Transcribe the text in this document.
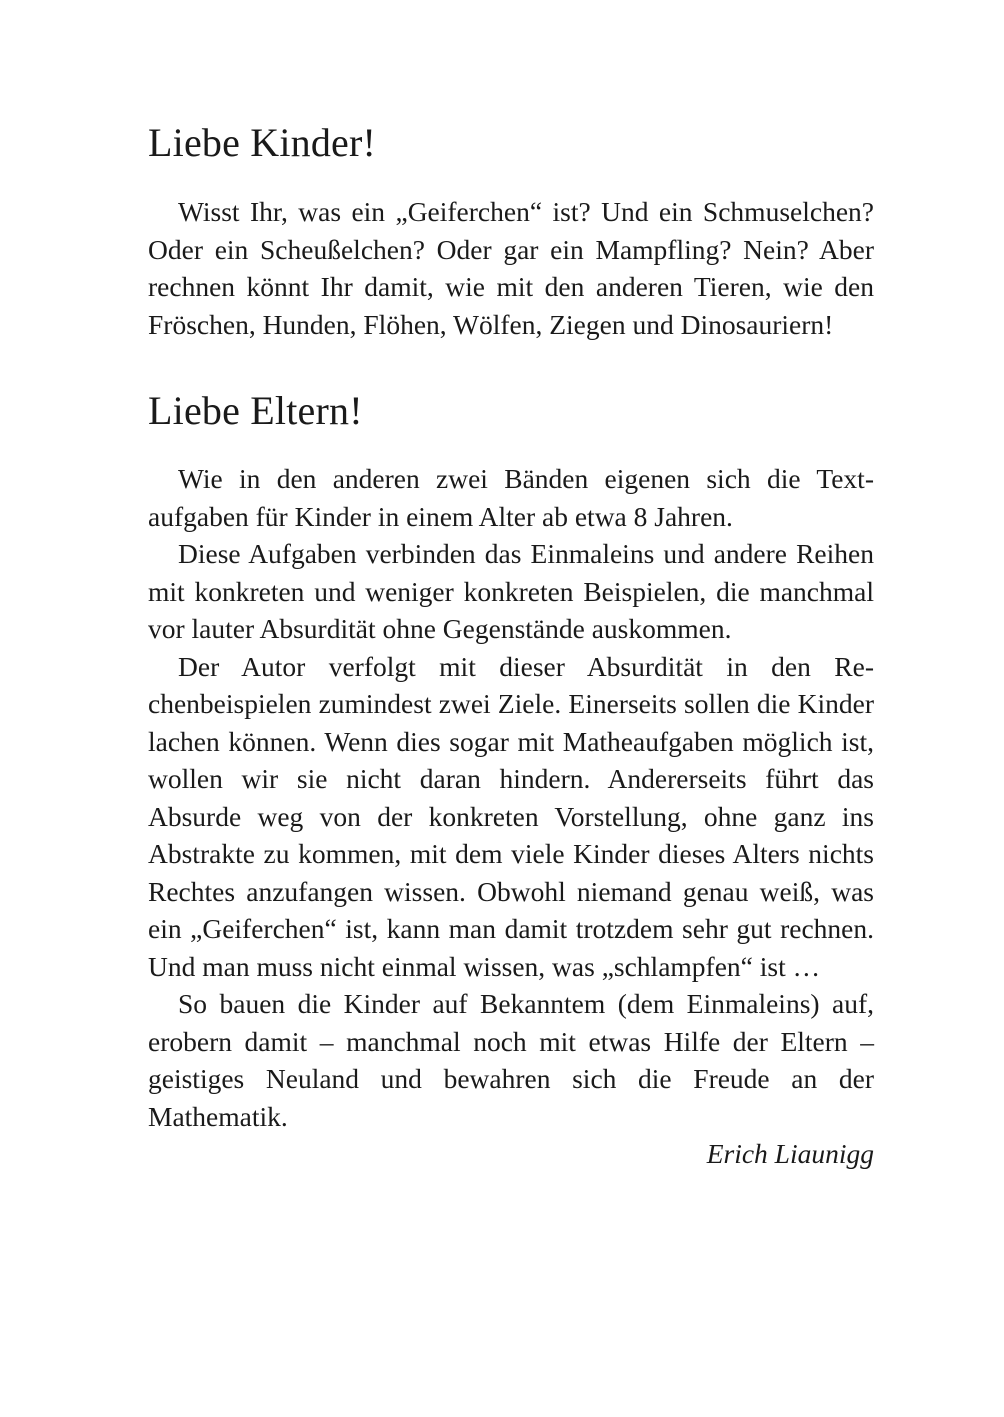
Liebe Kinder!

Wisst Ihr, was ein „Geiferchen“ ist? Und ein Schmuselchen? Oder ein Scheußelchen? Oder gar ein Mampfling? Nein? Aber rechnen könnt Ihr damit, wie mit den anderen Tieren, wie den Fröschen, Hunden, Flöhen, Wölfen, Ziegen und Dinosauriern!

Liebe Eltern!

Wie in den anderen zwei Bänden eigenen sich die Textaufgaben für Kinder in einem Alter ab etwa 8 Jahren.

Diese Aufgaben verbinden das Einmaleins und andere Reihen mit konkreten und weniger konkreten Beispielen, die manchmal vor lauter Absurdität ohne Gegenstände auskommen.

Der Autor verfolgt mit dieser Absurdität in den Rechenbeispielen zumindest zwei Ziele. Einerseits sollen die Kinder lachen können. Wenn dies sogar mit Matheaufgaben möglich ist, wollen wir sie nicht daran hindern. Andererseits führt das Absurde weg von der konkreten Vorstellung, ohne ganz ins Abstrakte zu kommen, mit dem viele Kinder dieses Alters nichts Rechtes anzufangen wissen. Obwohl niemand genau weiß, was ein „Geiferchen“ ist, kann man damit trotzdem sehr gut rechnen. Und man muss nicht einmal wissen, was „schlampfen“ ist …

So bauen die Kinder auf Bekanntem (dem Einmaleins) auf, erobern damit – manchmal noch mit etwas Hilfe der Eltern – geistiges Neuland und bewahren sich die Freude an der Mathematik.

Erich Liaunigg
